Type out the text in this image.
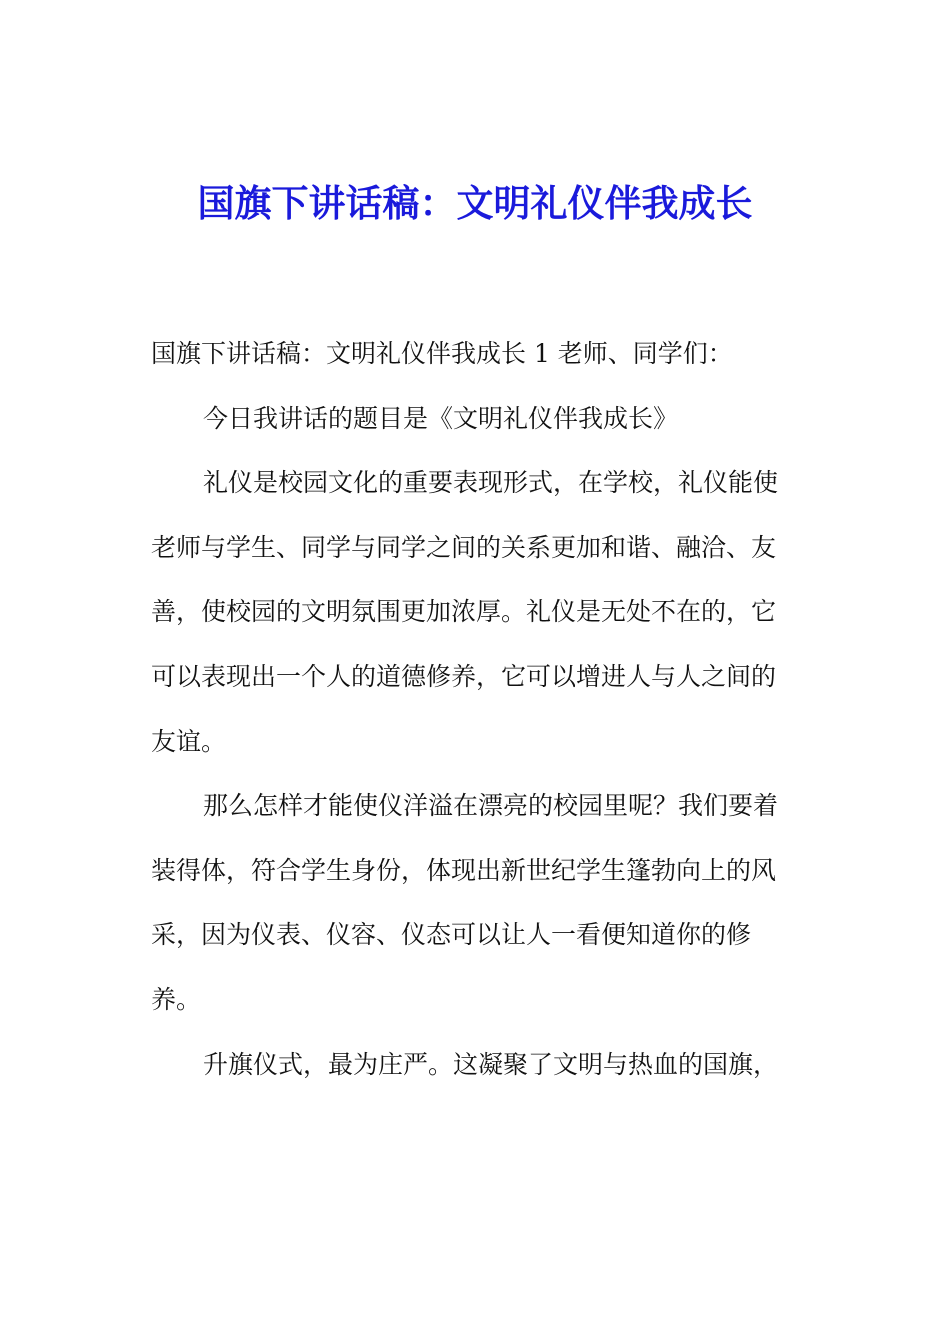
国旗下讲话稿：文明礼仪伴我成长

国旗下讲话稿：文明礼仪伴我成长 1 老师、同学们：

今日我讲话的题目是《文明礼仪伴我成长》

礼仪是校园文化的重要表现形式，在学校，礼仪能使
老师与学生、同学与同学之间的关系更加和谐、融洽、友
善，使校园的文明氛围更加浓厚。礼仪是无处不在的，它
可以表现出一个人的道德修养，它可以增进人与人之间的
友谊。

那么怎样才能使仪洋溢在漂亮的校园里呢？我们要着
装得体，符合学生身份，体现出新世纪学生篷勃向上的风
采，因为仪表、仪容、仪态可以让人一看便知道你的修
养。

升旗仪式，最为庄严。这凝聚了文明与热血的国旗，
